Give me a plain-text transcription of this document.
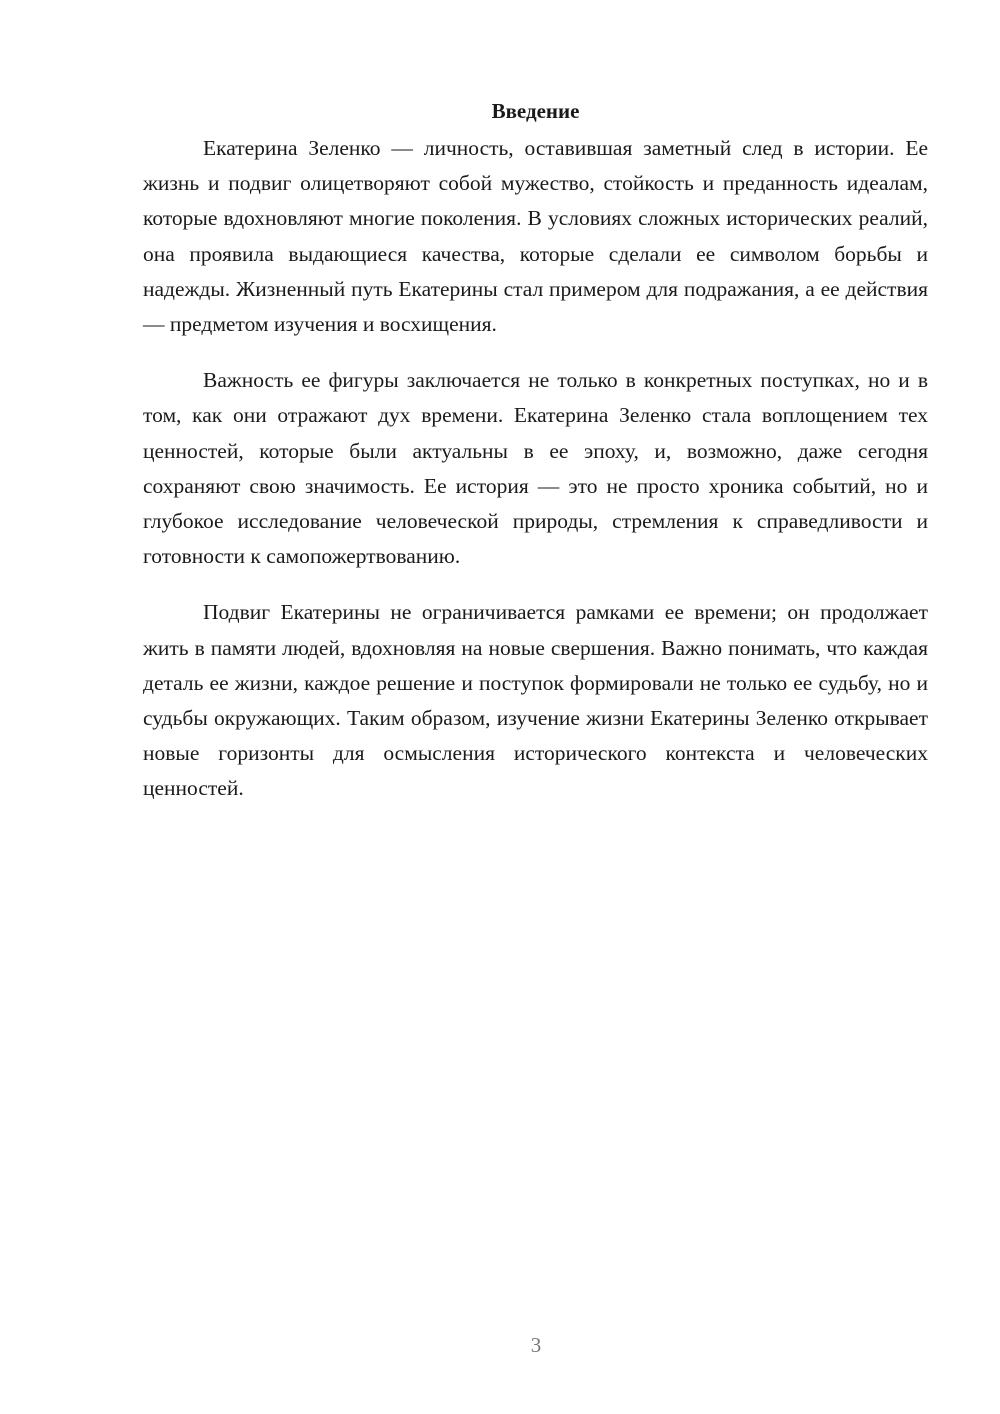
Введение

Екатерина Зеленко — личность, оставившая заметный след в истории. Ее жизнь и подвиг олицетворяют собой мужество, стойкость и преданность идеалам, которые вдохновляют многие поколения. В условиях сложных исторических реалий, она проявила выдающиеся качества, которые сделали ее символом борьбы и надежды. Жизненный путь Екатерины стал примером для подражания, а ее действия — предметом изучения и восхищения.

Важность ее фигуры заключается не только в конкретных поступках, но и в том, как они отражают дух времени. Екатерина Зеленко стала воплощением тех ценностей, которые были актуальны в ее эпоху, и, возможно, даже сегодня сохраняют свою значимость. Ее история — это не просто хроника событий, но и глубокое исследование человеческой природы, стремления к справедливости и готовности к самопожертвованию.

Подвиг Екатерины не ограничивается рамками ее времени; он продолжает жить в памяти людей, вдохновляя на новые свершения. Важно понимать, что каждая деталь ее жизни, каждое решение и поступок формировали не только ее судьбу, но и судьбы окружающих. Таким образом, изучение жизни Екатерины Зеленко открывает новые горизонты для осмысления исторического контекста и человеческих ценностей.

3
